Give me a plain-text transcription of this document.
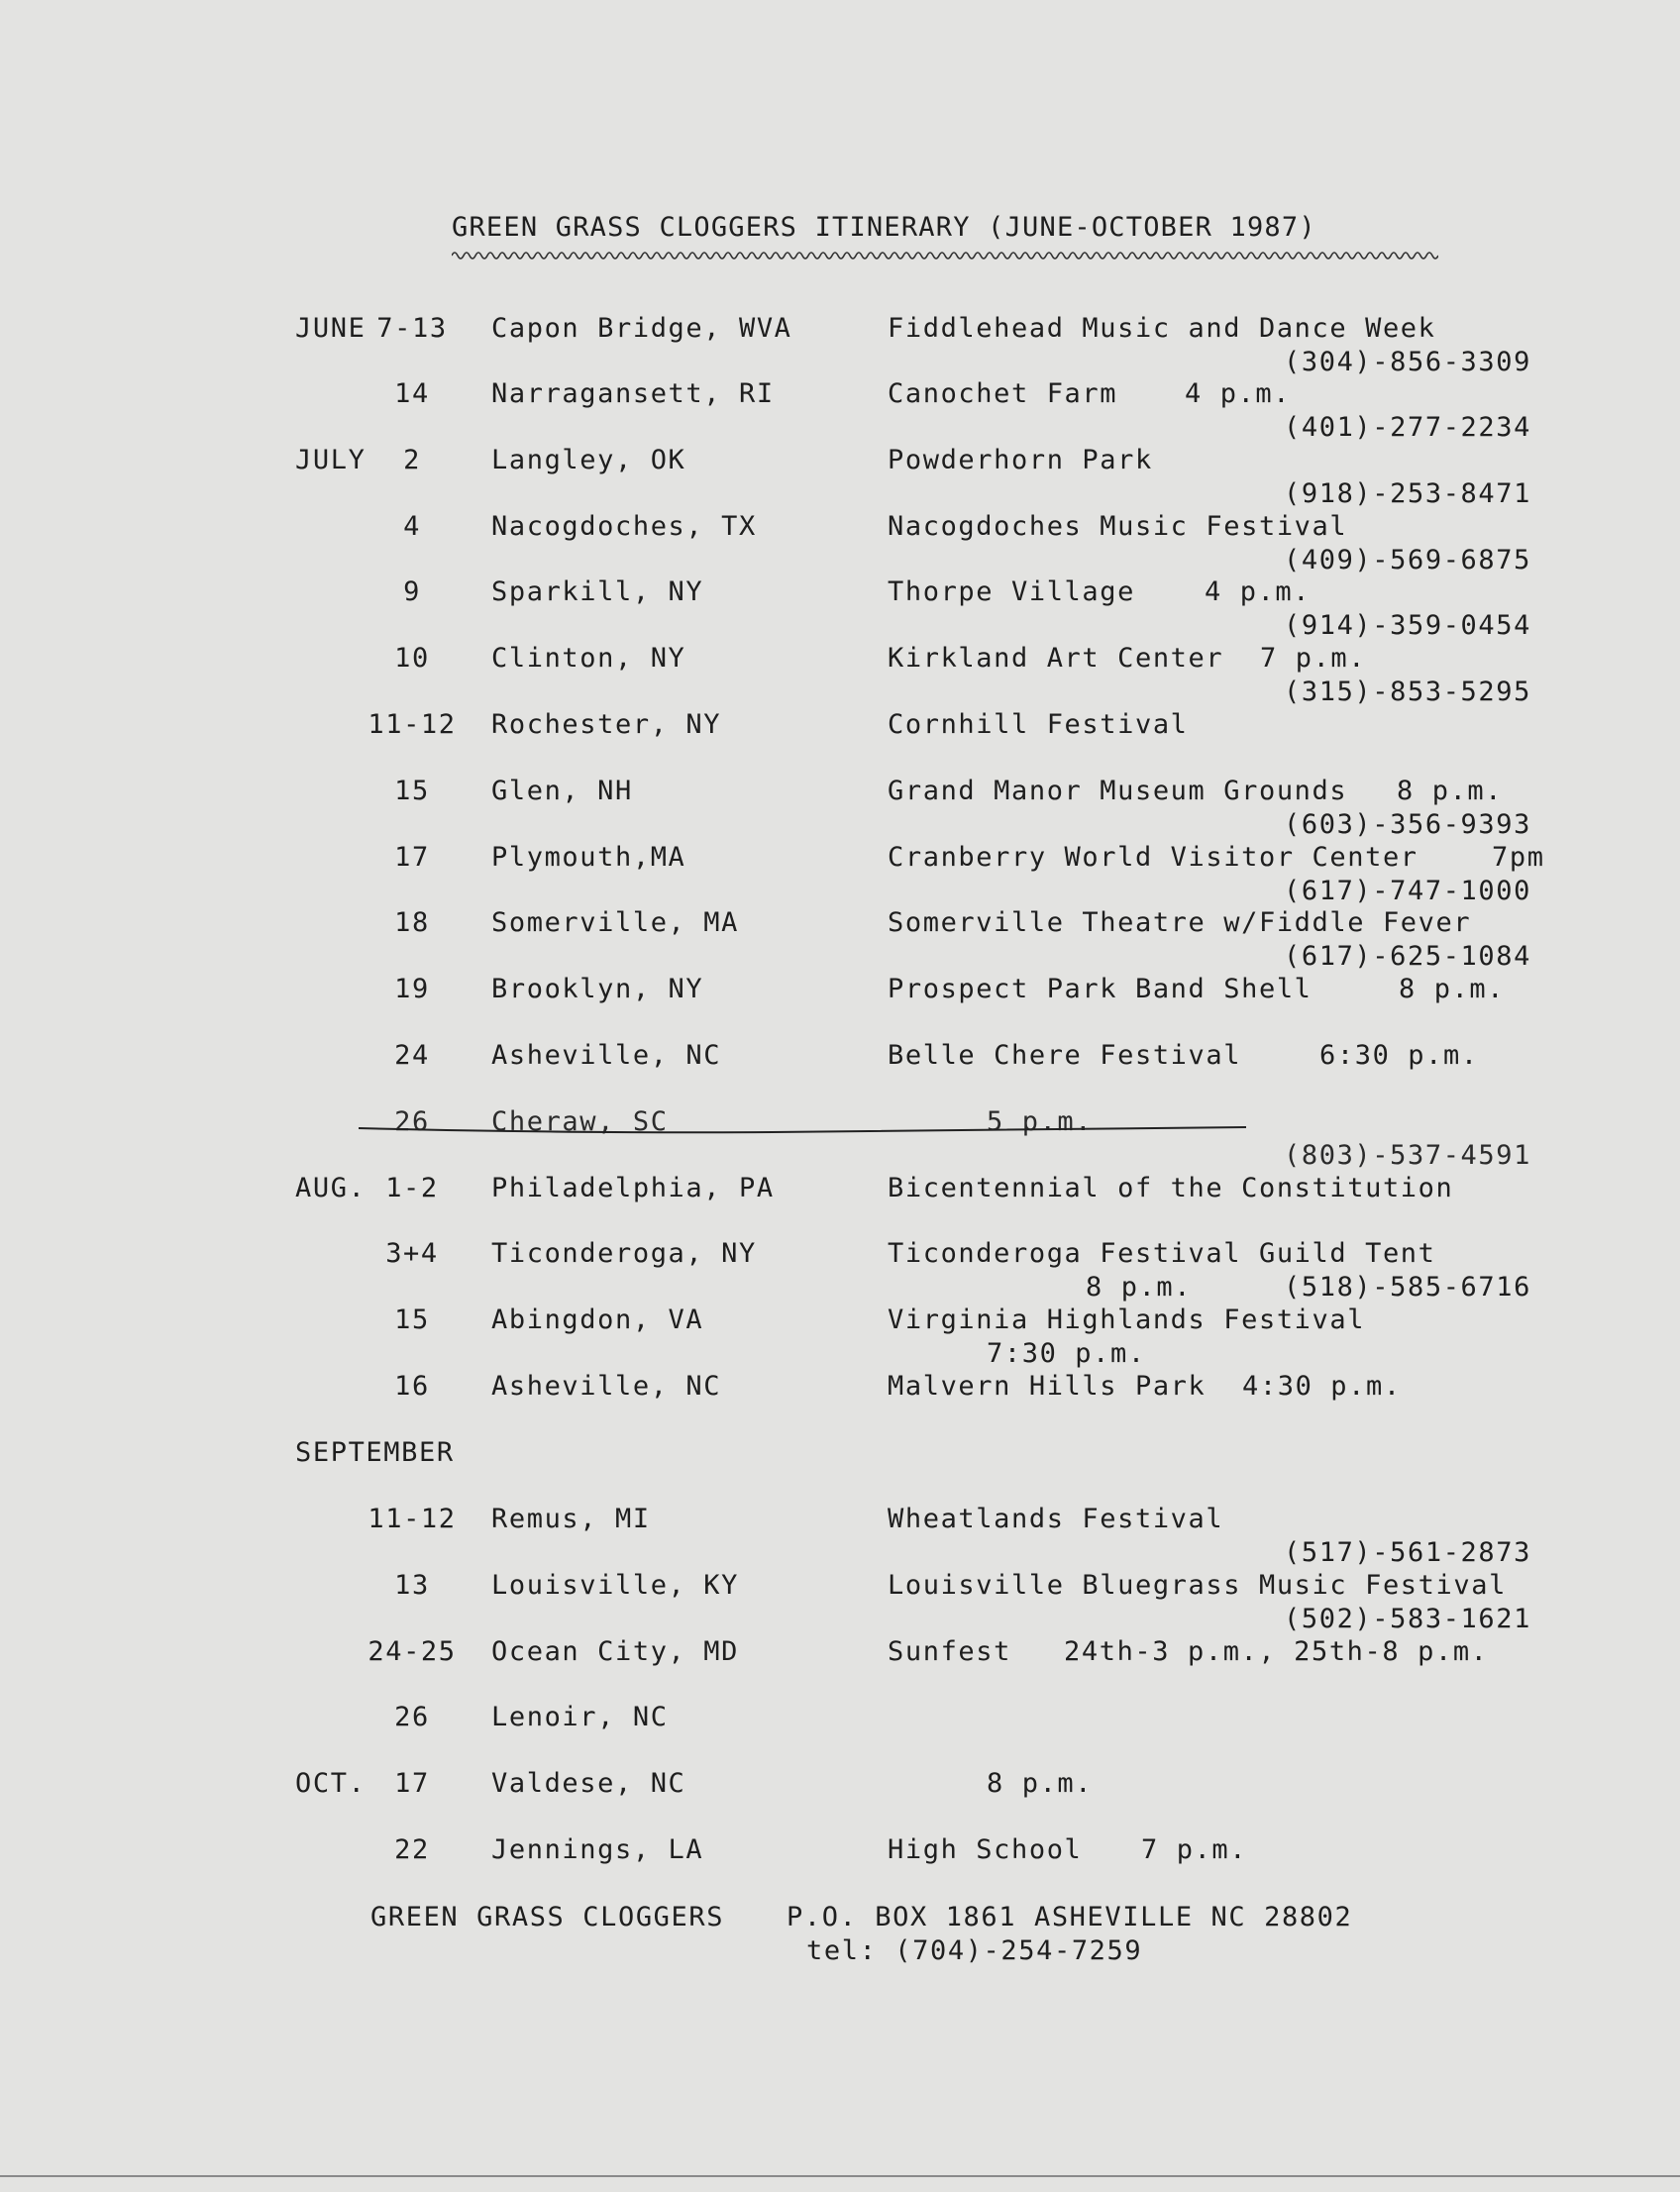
GREEN GRASS CLOGGERS ITINERARY (JUNE-OCTOBER 1987)
JUNE 7-13	Capon Bridge, WVA	Fiddlehead Music and Dance Week
(304)-856-3309
14	Narragansett, RI	Canochet Farm	4 p.m.
(401)-277-2234
JULY	2	Langley, OK	Powderhorn Park
(918)-253-8471
4	Nacogdoches, TX	Nacogdoches Music Festival
(409)-569-6875
9	Sparkill, NY	Thorpe Village	4 p.m.
(914)-359-0454
10	Clinton, NY	Kirkland Art Center 7 p.m.
(315)-853-5295
11-12 Rochester, NY	Cornhill Festival
15	Glen, NH	Grand Manor Museum Grounds 8 p.m.
(603)-356-9393
17	Plymouth,MA	Cranberry World Visitor Center	7pm
(617)-747-1000
18	Somerville, MA	Somerville Theatre w/Fiddle Fever
(617)-625-1084
19	Brooklyn, NY	Prospect Park Band Shell	8 p.m.
24	Asheville, NC	Belle Chere Festival	6:30 p.m.
26	Cheraw, SC	5 p.m.
(803)-537-4591
AUG. 1-2	Philadelphia, PA	Bicentennial of the Constitution
3+4	Ticonderoga, NY	Ticonderoga Festival Guild Tent
8 p.m.	(518)-585-6716
15	Abingdon, VA	Virginia Highlands Festival
7:30 p.m.
16	Asheville, NC	Malvern Hills Park 4:30 p.m.
SEPTEMBER
11-12 Remus, MI	Wheatlands Festival
(517)-561-2873
13	Louisville, KY	Louisville Bluegrass Music Festival
(502)-583-1621
24-25 Ocean City, MD	Sunfest 24th-3 p.m., 25th-8 p.m.
26	Lenoir, NC
OCT.	17	Valdese, NC	8 p.m.
22	Jennings, LA	High School 7 p.m.
GREEN GRASS CLOGGERS P.O. BOX 1861 ASHEVILLE NC 28802
tel: (704)-254-7259
